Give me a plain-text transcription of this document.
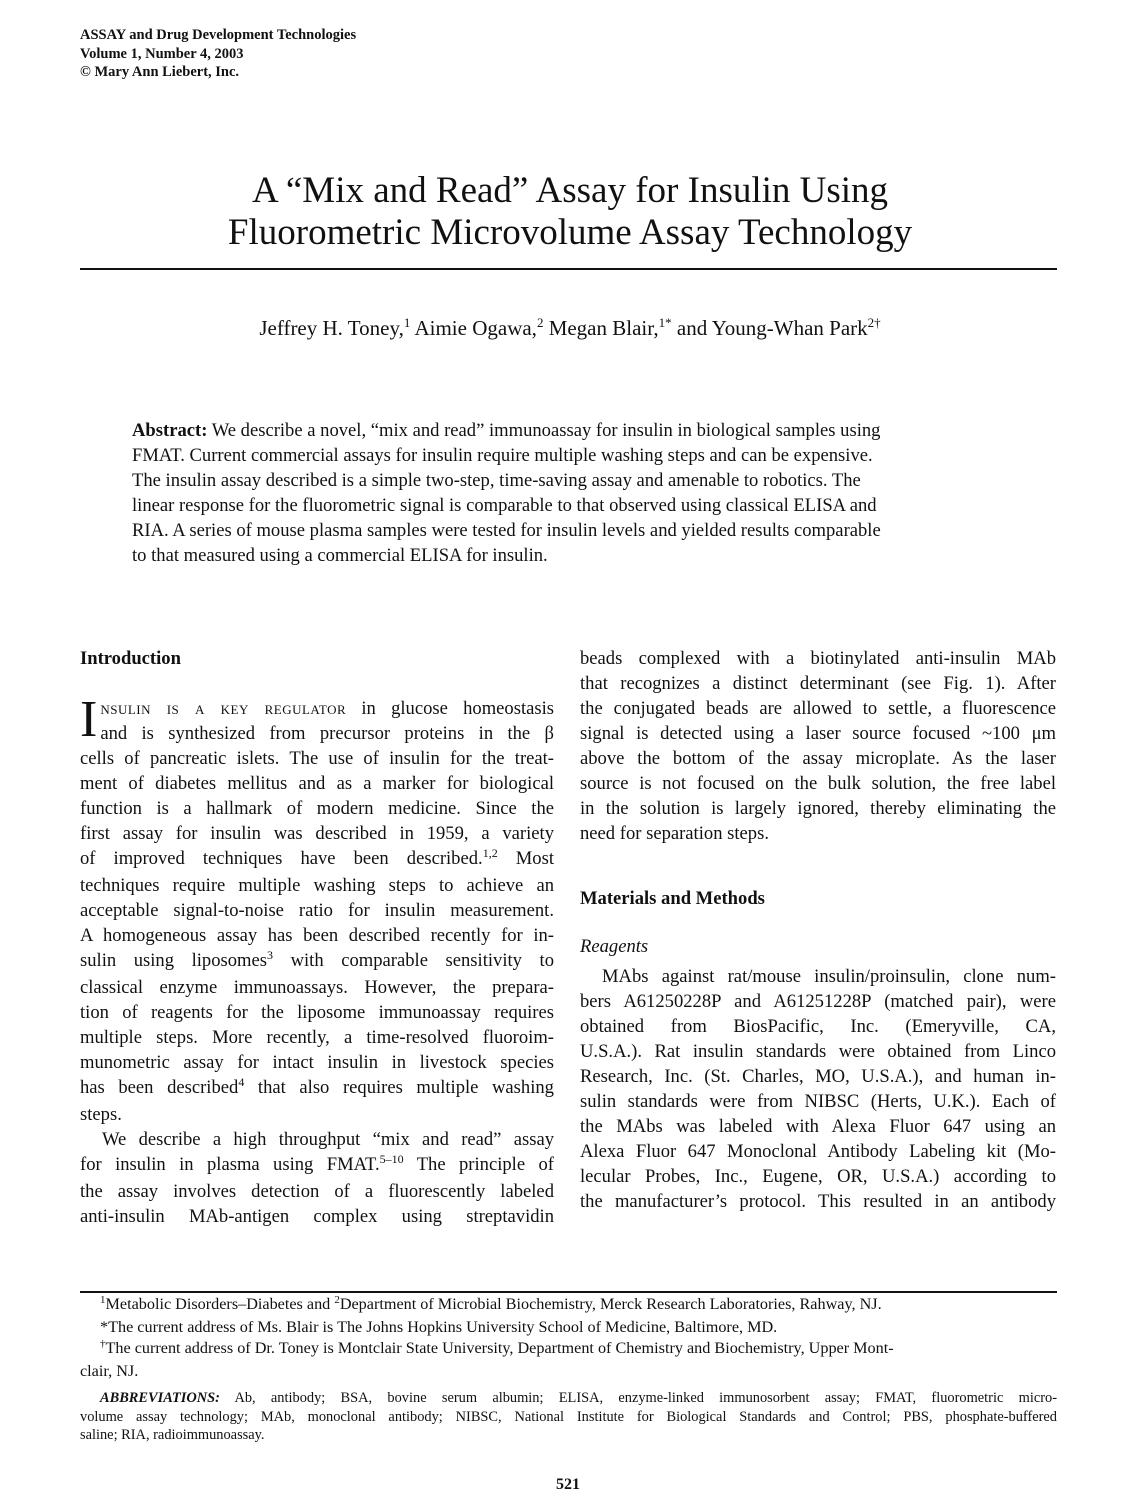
ASSAY and Drug Development Technologies
Volume 1, Number 4, 2003
© Mary Ann Liebert, Inc.
A “Mix and Read” Assay for Insulin Using
Fluorometric Microvolume Assay Technology
Jeffrey H. Toney,$^1$ Aimie Ogawa,$^2$ Megan Blair,$^{1*}$ and Young-Whan Park$^{2\dagger}$
Abstract: We describe a novel, “mix and read” immunoassay for insulin in biological samples using
FMAT. Current commercial assays for insulin require multiple washing steps and can be expensive.
The insulin assay described is a simple two-step, time-saving assay and amenable to robotics. The
linear response for the fluorometric signal is comparable to that observed using classical ELISA and
RIA. A series of mouse plasma samples were tested for insulin levels and yielded results comparable
to that measured using a commercial ELISA for insulin.
Introduction
I nsulin is a key regulator in glucose homeostasis
and is synthesized from precursor proteins in the β
cells of pancreatic islets. The use of insulin for the treat-
ment of diabetes mellitus and as a marker for biological
function is a hallmark of modern medicine. Since the
first assay for insulin was described in 1959, a variety
of improved techniques have been described.$^{1,2}$ Most
techniques require multiple washing steps to achieve an
acceptable signal-to-noise ratio for insulin measurement.
A homogeneous assay has been described recently for in-
sulin using liposomes$^3$ with comparable sensitivity to
classical enzyme immunoassays. However, the prepara-
tion of reagents for the liposome immunoassay requires
multiple steps. More recently, a time-resolved fluoroim-
munometric assay for intact insulin in livestock species
has been described$^4$ that also requires multiple washing
steps.
We describe a high throughput “mix and read” assay
for insulin in plasma using FMAT.$^{5-10}$ The principle of
the assay involves detection of a fluorescently labeled
anti-insulin MAb-antigen complex using streptavidin
beads complexed with a biotinylated anti-insulin MAb
that recognizes a distinct determinant (see Fig. 1). After
the conjugated beads are allowed to settle, a fluorescence
signal is detected using a laser source focused ~100 μm
above the bottom of the assay microplate. As the laser
source is not focused on the bulk solution, the free label
in the solution is largely ignored, thereby eliminating the
need for separation steps.
Materials and Methods
Reagents
MAbs against rat/mouse insulin/proinsulin, clone num-
bers A61250228P and A61251228P (matched pair), were
obtained from BiosPacific, Inc. (Emeryville, CA,
U.S.A.). Rat insulin standards were obtained from Linco
Research, Inc. (St. Charles, MO, U.S.A.), and human in-
sulin standards were from NIBSC (Herts, U.K.). Each of
the MAbs was labeled with Alexa Fluor 647 using an
Alexa Fluor 647 Monoclonal Antibody Labeling kit (Mo-
lecular Probes, Inc., Eugene, OR, U.S.A.) according to
the manufacturer’s protocol. This resulted in an antibody
$^1$Metabolic Disorders–Diabetes and $^2$Department of Microbial Biochemistry, Merck Research Laboratories, Rahway, NJ.
*The current address of Ms. Blair is The Johns Hopkins University School of Medicine, Baltimore, MD.
†The current address of Dr. Toney is Montclair State University, Department of Chemistry and Biochemistry, Upper Mont-
clair, NJ.
ABBREVIATIONS: Ab, antibody; BSA, bovine serum albumin; ELISA, enzyme-linked immunosorbent assay; FMAT, fluorometric micro-
volume assay technology; MAb, monoclonal antibody; NIBSC, National Institute for Biological Standards and Control; PBS, phosphate-buffered
saline; RIA, radioimmunoassay.
521
